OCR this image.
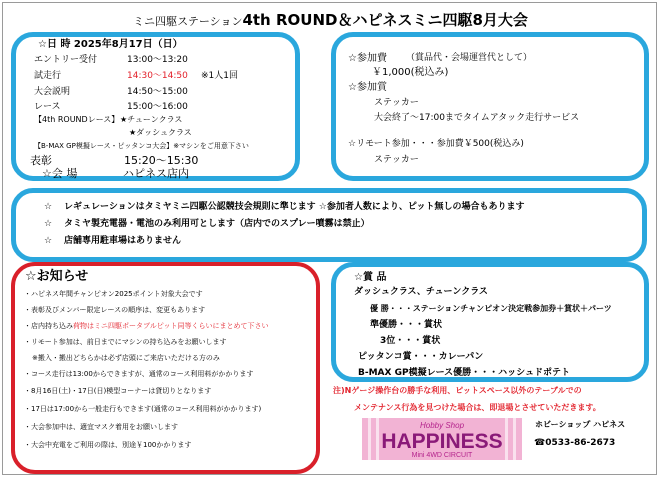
ミニ四駆ステーション4th ROUND＆ハピネスミニ四駆8月大会
☆日 時 2025年8月17日（日）
エントリー受付	13:00～13:20
試走行	14:30～14:50 ※1人1回
大会説明	14:50～15:00
レース	15:00～16:00
【4th ROUNDレース】 ★チューンクラス
★ダッシュクラス
【B-MAX GP模擬レース・ピッタンコ大会】※マシンをご用意下さい
表彰	15:20～15:30
☆会 場	ハピネス店内
☆参加費 （賞品代・会場運営代として）
￥1,000(税込み)
☆参加賞
ステッカー
大会終了～17:00までタイムアタック走行サービス
☆リモート参加・・・参加費￥500(税込み)
ステッカー
☆ レギュレーションはタミヤミニ四駆公認競技会規則に準じます ☆参加者人数により、ピット無しの場合もあります
☆ タミヤ製充電器・電池のみ利用可とします（店内でのスプレー噴霧は禁止）
☆ 店舗専用駐車場はありません
☆お知らせ
・ハピネス年間チャンピオン2025ポイント対象大会です
・表彰及びメンバー限定レースの順序は、変更もあります
・店内持ち込み荷物はミニ四駆ポータブルピット同等くらいにまとめて下さい
・リモート参加は、前日までにマシンの持ち込みをお願いします
※搬入・搬出どちらかは必ず店頭にご来店いただける方のみ
・コース走行は13:00からできますが、通常のコース利用料がかかります
・8月16日(土)・17日(日)模型コーナーは貸切りとなります
・17日は17:00から一般走行もできます(通常のコース利用料がかかります)
・大会参加中は、適宜マスク着用をお願いします
・大会中充電をご利用の際は、別途￥100かかります
☆賞 品
ダッシュクラス、チューンクラス
優 勝・・・ステーションチャンピオン決定戦参加券＋賞状＋パーツ
準優勝・・・賞状
3位・・・賞状
ピッタンコ賞・・・カレーパン
B-MAX GP模擬レース優勝・・・ハッシュドポテト
注)Nゲージ操作台の勝手な利用、ピットスペース以外のテーブルでの
メンテナンス行為を見つけた場合は、即退場とさせていただきます。
Hobby Shop
HAPPINESS
Mini 4WD CIRCUIT
ホビーショップ ハピネス
☎0533-86-2673
